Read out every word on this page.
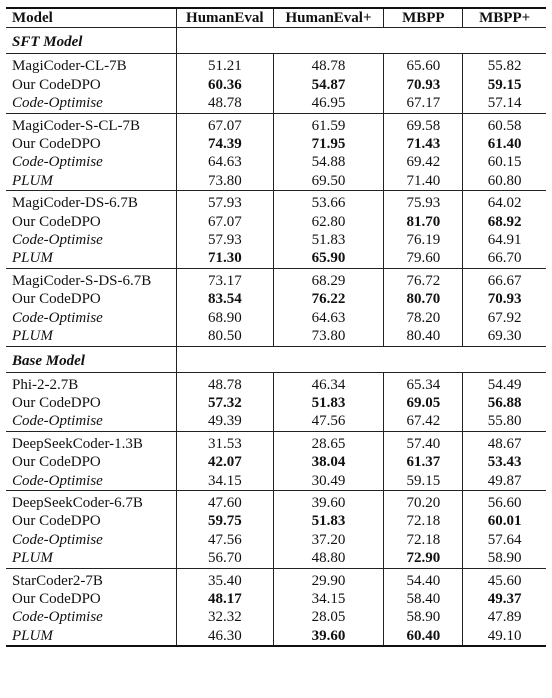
Model	HumanEval	HumanEval+	MBPP	MBPP+
SFT Model				
MagiCoder-CL-7B	51.21	48.78	65.60	55.82
Our CodeDPO	60.36	54.87	70.93	59.15
Code-Optimise	48.78	46.95	67.17	57.14
MagiCoder-S-CL-7B	67.07	61.59	69.58	60.58
Our CodeDPO	74.39	71.95	71.43	61.40
Code-Optimise	64.63	54.88	69.42	60.15
PLUM	73.80	69.50	71.40	60.80
MagiCoder-DS-6.7B	57.93	53.66	75.93	64.02
Our CodeDPO	67.07	62.80	81.70	68.92
Code-Optimise	57.93	51.83	76.19	64.91
PLUM	71.30	65.90	79.60	66.70
MagiCoder-S-DS-6.7B	73.17	68.29	76.72	66.67
Our CodeDPO	83.54	76.22	80.70	70.93
Code-Optimise	68.90	64.63	78.20	67.92
PLUM	80.50	73.80	80.40	69.30
Base Model				
Phi-2-2.7B	48.78	46.34	65.34	54.49
Our CodeDPO	57.32	51.83	69.05	56.88
Code-Optimise	49.39	47.56	67.42	55.80
DeepSeekCoder-1.3B	31.53	28.65	57.40	48.67
Our CodeDPO	42.07	38.04	61.37	53.43
Code-Optimise	34.15	30.49	59.15	49.87
DeepSeekCoder-6.7B	47.60	39.60	70.20	56.60
Our CodeDPO	59.75	51.83	72.18	60.01
Code-Optimise	47.56	37.20	72.18	57.64
PLUM	56.70	48.80	72.90	58.90
StarCoder2-7B	35.40	29.90	54.40	45.60
Our CodeDPO	48.17	34.15	58.40	49.37
Code-Optimise	32.32	28.05	58.90	47.89
PLUM	46.30	39.60	60.40	49.10
